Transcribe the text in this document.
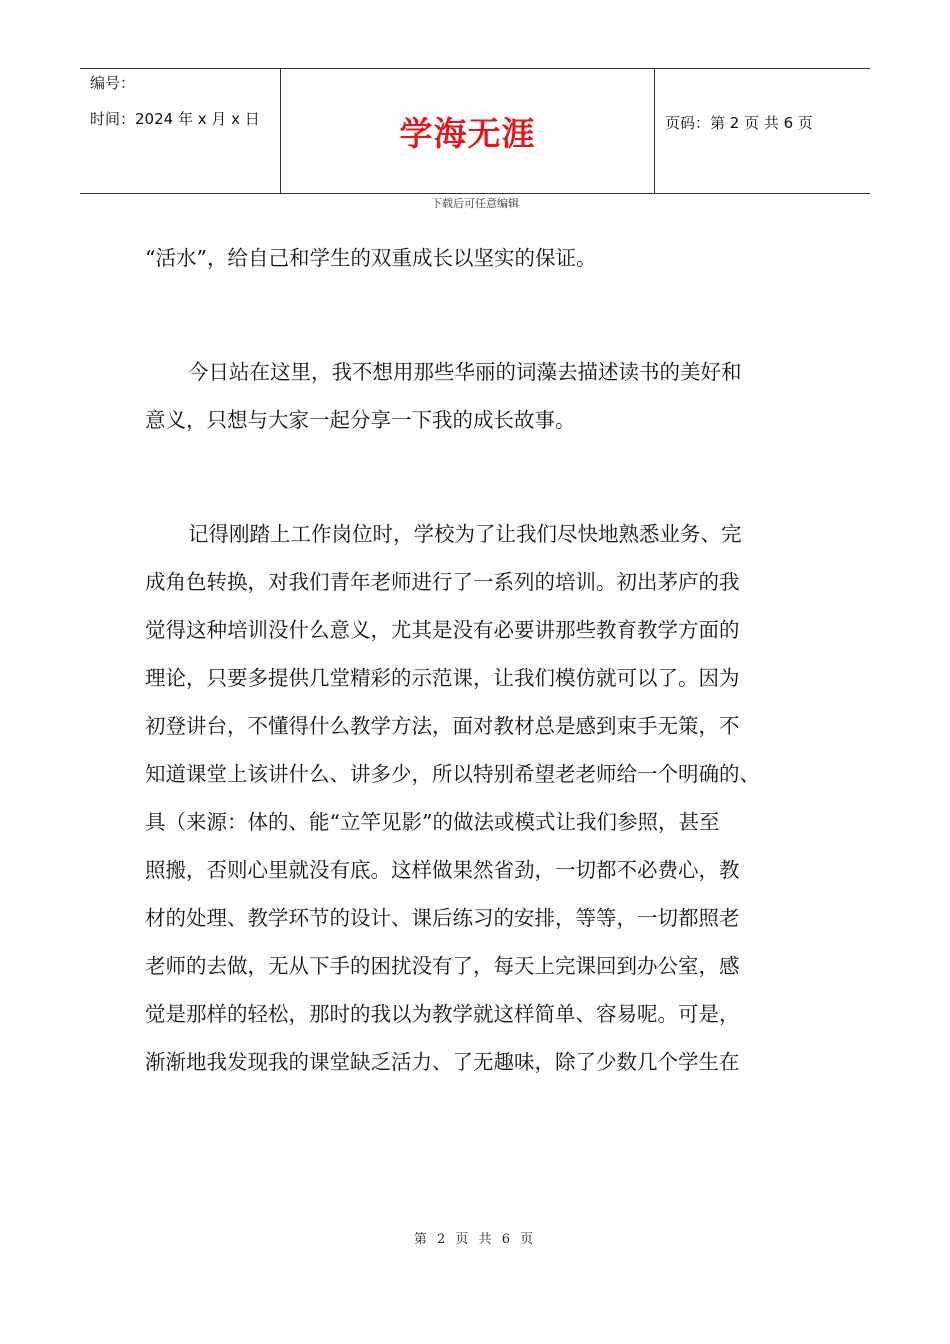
编号：
时间：2024 年 x 月 x 日	学海无涯	页码：第 2 页 共 6 页
下载后可任意编辑

“活水”，给自己和学生的双重成长以坚实的保证。

今日站在这里，我不想用那些华丽的词藻去描述读书的美好和
意义，只想与大家一起分享一下我的成长故事。

记得刚踏上工作岗位时，学校为了让我们尽快地熟悉业务、完
成角色转换，对我们青年老师进行了一系列的培训。初出茅庐的我
觉得这种培训没什么意义，尤其是没有必要讲那些教育教学方面的
理论，只要多提供几堂精彩的示范课，让我们模仿就可以了。因为
初登讲台，不懂得什么教学方法，面对教材总是感到束手无策，不
知道课堂上该讲什么、讲多少，所以特别希望老老师给一个明确的、
具（来源：体的、能“立竿见影”的做法或模式让我们参照，甚至
照搬，否则心里就没有底。这样做果然省劲，一切都不必费心，教
材的处理、教学环节的设计、课后练习的安排，等等，一切都照老
老师的去做，无从下手的困扰没有了，每天上完课回到办公室，感
觉是那样的轻松，那时的我以为教学就这样简单、容易呢。可是，
渐渐地我发现我的课堂缺乏活力、了无趣味，除了少数几个学生在

第 2 页 共 6 页
